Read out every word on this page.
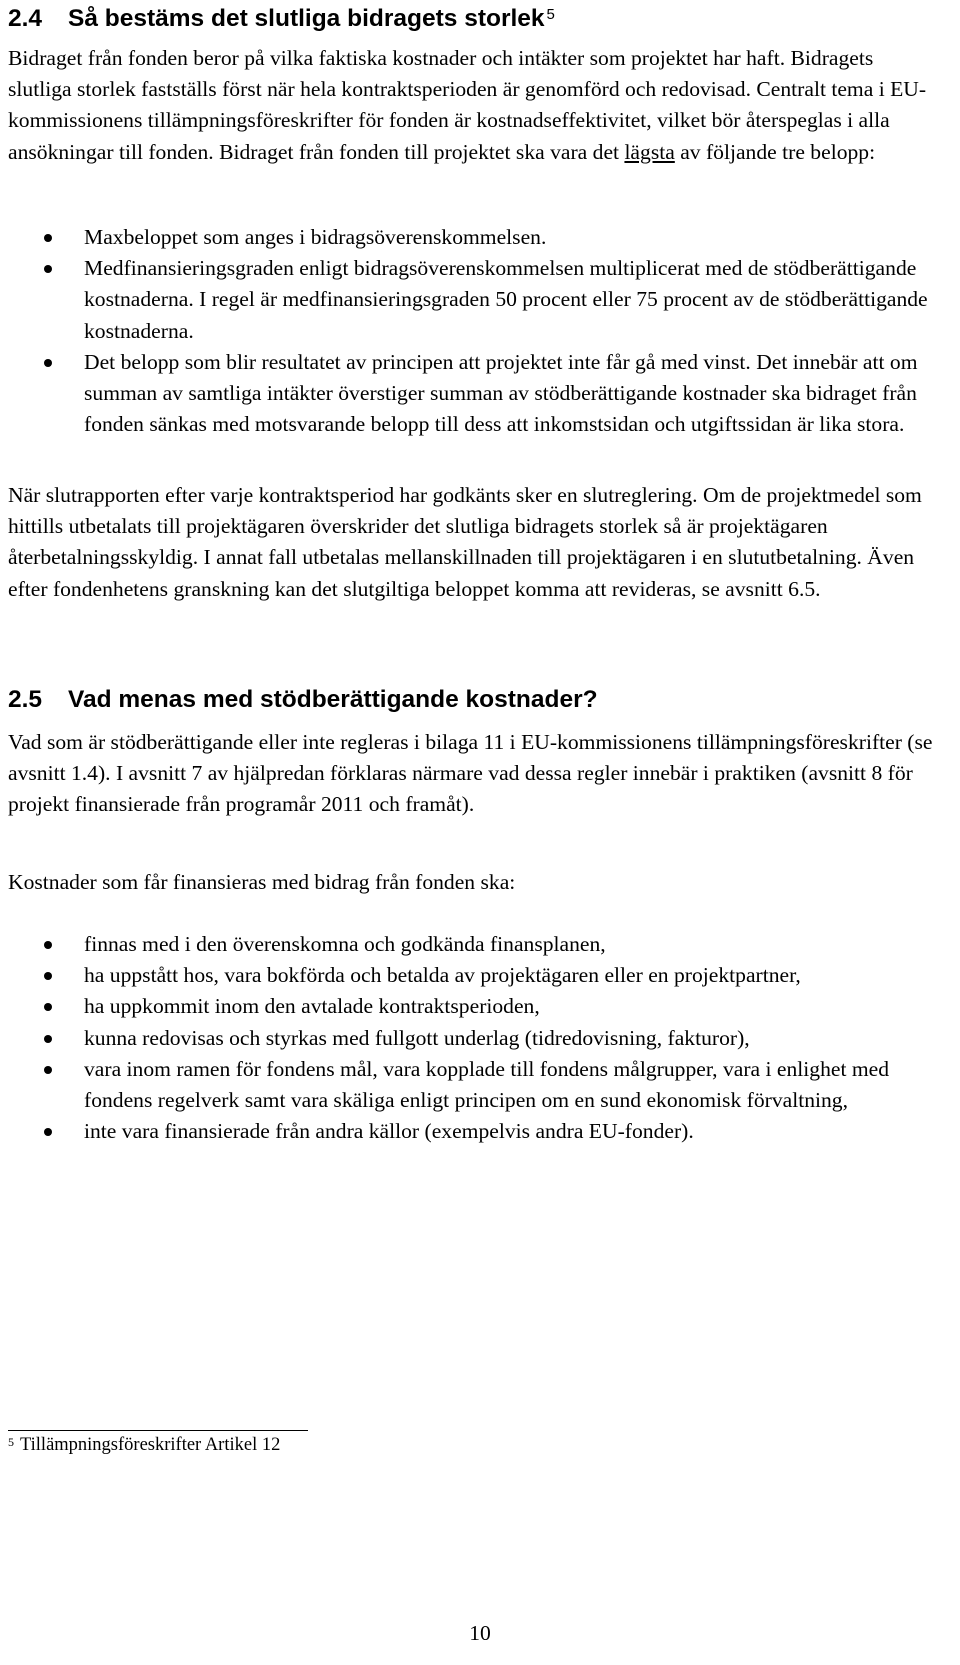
2.4 Så bestäms det slutliga bidragets storlek $^5$
Bidraget från fonden beror på vilka faktiska kostnader och intäkter som projektet har haft. Bidragets slutliga storlek fastställs först när hela kontraktsperioden är genomförd och redovisad. Centralt tema i EU-kommissionens tillämpningsföreskrifter för fonden är kostnadseffektivitet, vilket bör återspeglas i alla ansökningar till fonden. Bidraget från fonden till projektet ska vara det lägsta av följande tre belopp:
Maxbeloppet som anges i bidragsöverenskommelsen.
Medfinansieringsgraden enligt bidragsöverenskommelsen multiplicerat med de stödberättigande kostnaderna. I regel är medfinansieringsgraden 50 procent eller 75 procent av de stödberättigande kostnaderna.
Det belopp som blir resultatet av principen att projektet inte får gå med vinst. Det innebär att om summan av samtliga intäkter överstiger summan av stödberättigande kostnader ska bidraget från fonden sänkas med motsvarande belopp till dess att inkomstsidan och utgiftssidan är lika stora.
När slutrapporten efter varje kontraktsperiod har godkänts sker en slutreglering. Om de projektmedel som hittills utbetalats till projektägaren överskrider det slutliga bidragets storlek så är projektägaren återbetalningsskyldig. I annat fall utbetalas mellanskillnaden till projektägaren i en slututbetalning. Även efter fondenhetens granskning kan det slutgiltiga beloppet komma att revideras, se avsnitt 6.5.
2.5 Vad menas med stödberättigande kostnader?
Vad som är stödberättigande eller inte regleras i bilaga 11 i EU-kommissionens tillämpningsföreskrifter (se avsnitt 1.4). I avsnitt 7 av hjälpredan förklaras närmare vad dessa regler innebär i praktiken (avsnitt 8 för projekt finansierade från programår 2011 och framåt).
Kostnader som får finansieras med bidrag från fonden ska:
finnas med i den överenskomna och godkända finansplanen,
ha uppstått hos, vara bokförda och betalda av projektägaren eller en projektpartner,
ha uppkommit inom den avtalade kontraktsperioden,
kunna redovisas och styrkas med fullgott underlag (tidredovisning, fakturor),
vara inom ramen för fondens mål, vara kopplade till fondens målgrupper, vara i enlighet med fondens regelverk samt vara skäliga enligt principen om en sund ekonomisk förvaltning,
inte vara finansierade från andra källor (exempelvis andra EU-fonder).
$^5$ Tillämpningsföreskrifter Artikel 12
10
